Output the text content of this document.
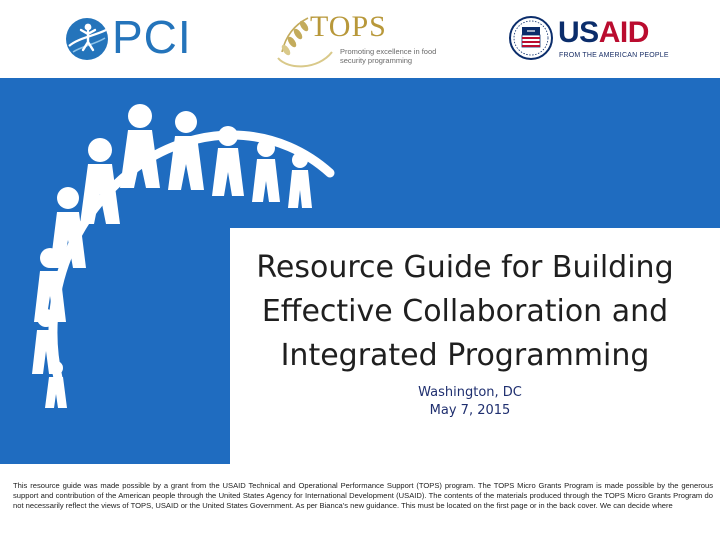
PCI	TOPS
Promoting excellence in food security programming
USAID
FROM THE AMERICAN PEOPLE
Resource Guide for Building
Effective Collaboration and
Integrated Programming
Washington, DC
May 7, 2015

This resource guide was made possible by a grant from the USAID Technical and Operational Performance Support (TOPS) program. The TOPS Micro Grants Program is made possible by the generous support and contribution of the American people through the United States Agency for International Development (USAID). The contents of the materials produced through the TOPS Micro Grants Program do not necessarily reflect the views of TOPS, USAID or the United States Government. As per Bianca's new guidance. This must be located on the first page or in the back cover. We can decide where
